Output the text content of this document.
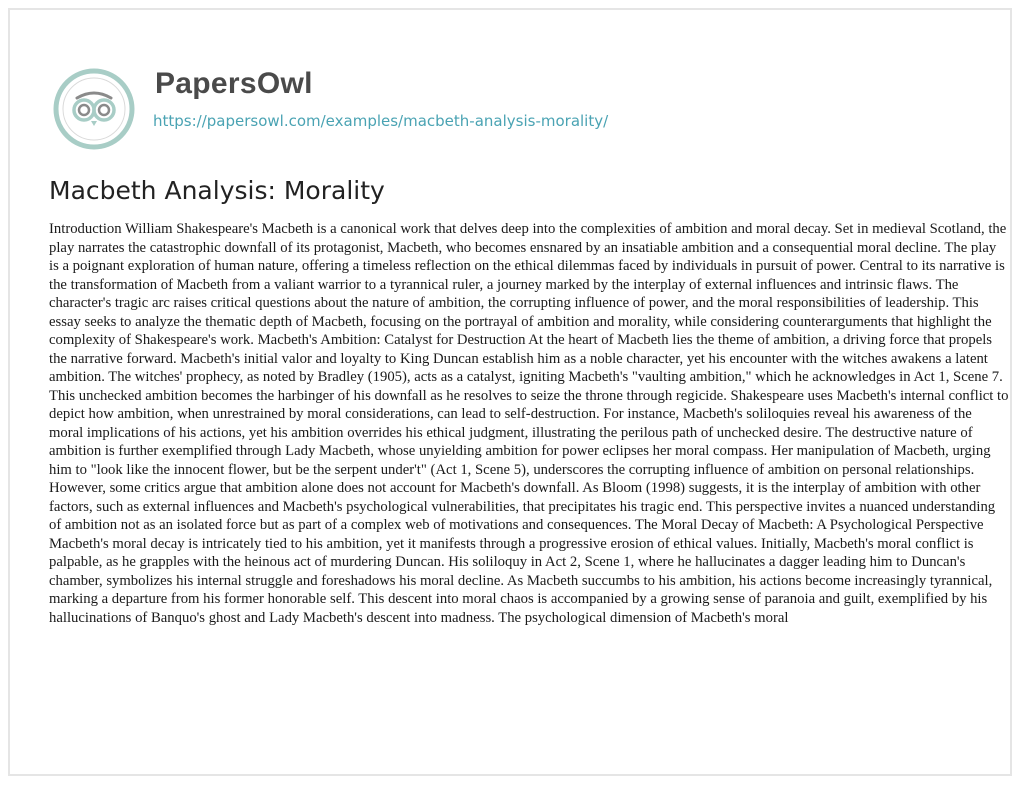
PapersOwl
https://papersowl.com/examples/macbeth-analysis-morality/
Macbeth Analysis: Morality

Introduction William Shakespeare's Macbeth is a canonical work that delves deep into the complexities of ambition and moral decay. Set in medieval Scotland, the play narrates the catastrophic downfall of its protagonist, Macbeth, who becomes ensnared by an insatiable ambition and a consequential moral decline. The play is a poignant exploration of human nature, offering a timeless reflection on the ethical dilemmas faced by individuals in pursuit of power. Central to its narrative is the transformation of Macbeth from a valiant warrior to a tyrannical ruler, a journey marked by the interplay of external influences and intrinsic flaws. The character's tragic arc raises critical questions about the nature of ambition, the corrupting influence of power, and the moral responsibilities of leadership. This essay seeks to analyze the thematic depth of Macbeth, focusing on the portrayal of ambition and morality, while considering counterarguments that highlight the complexity of Shakespeare's work. Macbeth's Ambition: Catalyst for Destruction At the heart of Macbeth lies the theme of ambition, a driving force that propels the narrative forward. Macbeth's initial valor and loyalty to King Duncan establish him as a noble character, yet his encounter with the witches awakens a latent ambition. The witches' prophecy, as noted by Bradley (1905), acts as a catalyst, igniting Macbeth's "vaulting ambition," which he acknowledges in Act 1, Scene 7. This unchecked ambition becomes the harbinger of his downfall as he resolves to seize the throne through regicide. Shakespeare uses Macbeth's internal conflict to depict how ambition, when unrestrained by moral considerations, can lead to self-destruction. For instance, Macbeth's soliloquies reveal his awareness of the moral implications of his actions, yet his ambition overrides his ethical judgment, illustrating the perilous path of unchecked desire. The destructive nature of ambition is further exemplified through Lady Macbeth, whose unyielding ambition for power eclipses her moral compass. Her manipulation of Macbeth, urging him to "look like the innocent flower, but be the serpent under't" (Act 1, Scene 5), underscores the corrupting influence of ambition on personal relationships. However, some critics argue that ambition alone does not account for Macbeth's downfall. As Bloom (1998) suggests, it is the interplay of ambition with other factors, such as external influences and Macbeth's psychological vulnerabilities, that precipitates his tragic end. This perspective invites a nuanced understanding of ambition not as an isolated force but as part of a complex web of motivations and consequences. The Moral Decay of Macbeth: A Psychological Perspective Macbeth's moral decay is intricately tied to his ambition, yet it manifests through a progressive erosion of ethical values. Initially, Macbeth's moral conflict is palpable, as he grapples with the heinous act of murdering Duncan. His soliloquy in Act 2, Scene 1, where he hallucinates a dagger leading him to Duncan's chamber, symbolizes his internal struggle and foreshadows his moral decline. As Macbeth succumbs to his ambition, his actions become increasingly tyrannical, marking a departure from his former honorable self. This descent into moral chaos is accompanied by a growing sense of paranoia and guilt, exemplified by his hallucinations of Banquo's ghost and Lady Macbeth's descent into madness. The psychological dimension of Macbeth's moral
